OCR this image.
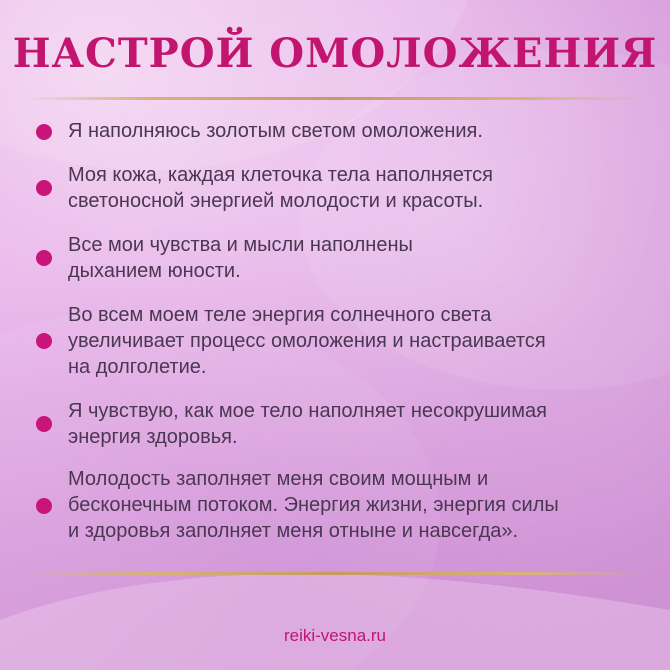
НАСТРОЙ ОМОЛОЖЕНИЯ
Я наполняюсь золотым светом омоложения.
Моя кожа, каждая клеточка тела наполняется
светоносной энергией молодости и красоты.
Все мои чувства и мысли наполнены
дыханием юности.
Во всем моем теле энергия солнечного света
увеличивает процесс омоложения и настраивается
на долголетие.
Я чувствую, как мое тело наполняет несокрушимая
энергия здоровья.
Молодость заполняет меня своим мощным и
бесконечным потоком. Энергия жизни, энергия силы
и здоровья заполняет меня отныне и навсегда».
reiki-vesna.ru
